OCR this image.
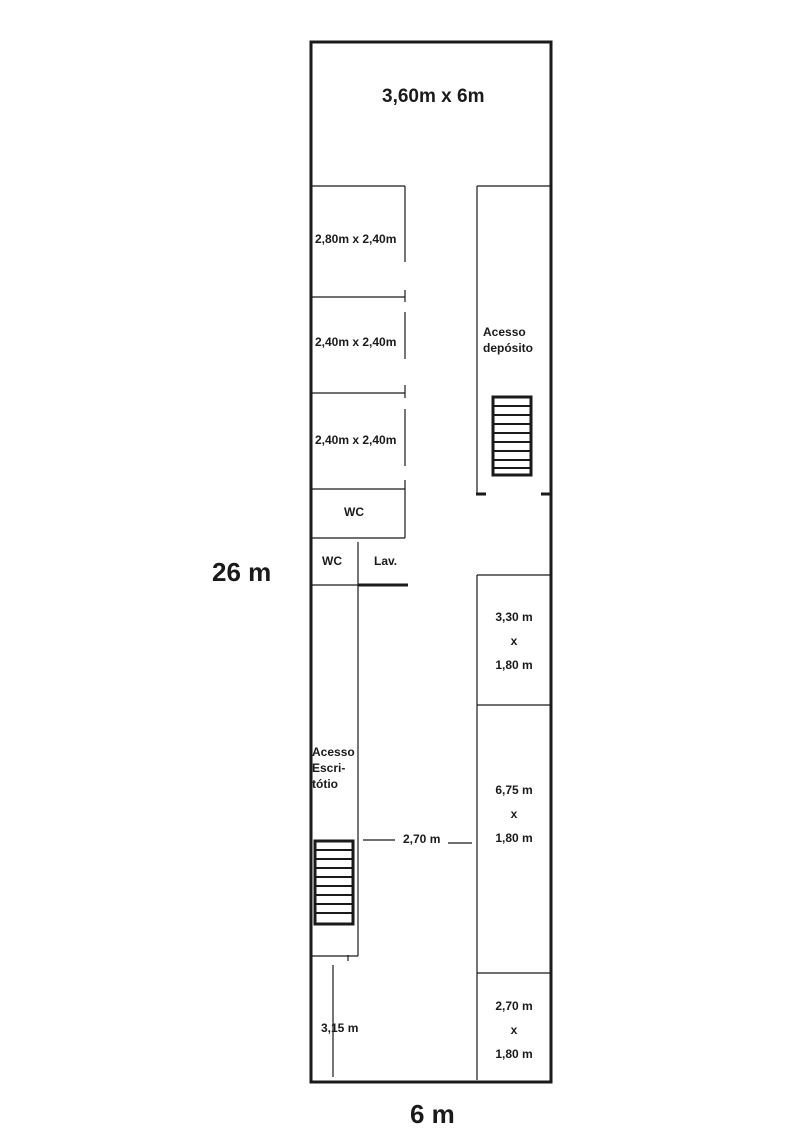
3,60m x 6m
26 m
6 m
2,80m x 2,40m
2,40m x 2,40m
2,40m x 2,40m
WC
WC	Lav.
Acesso
depósito
Acesso
Escri-
tótio
3,30 m
x
1,80 m
6,75 m
x
1,80 m
2,70 m
x
1,80 m
2,70 m
3,15 m
